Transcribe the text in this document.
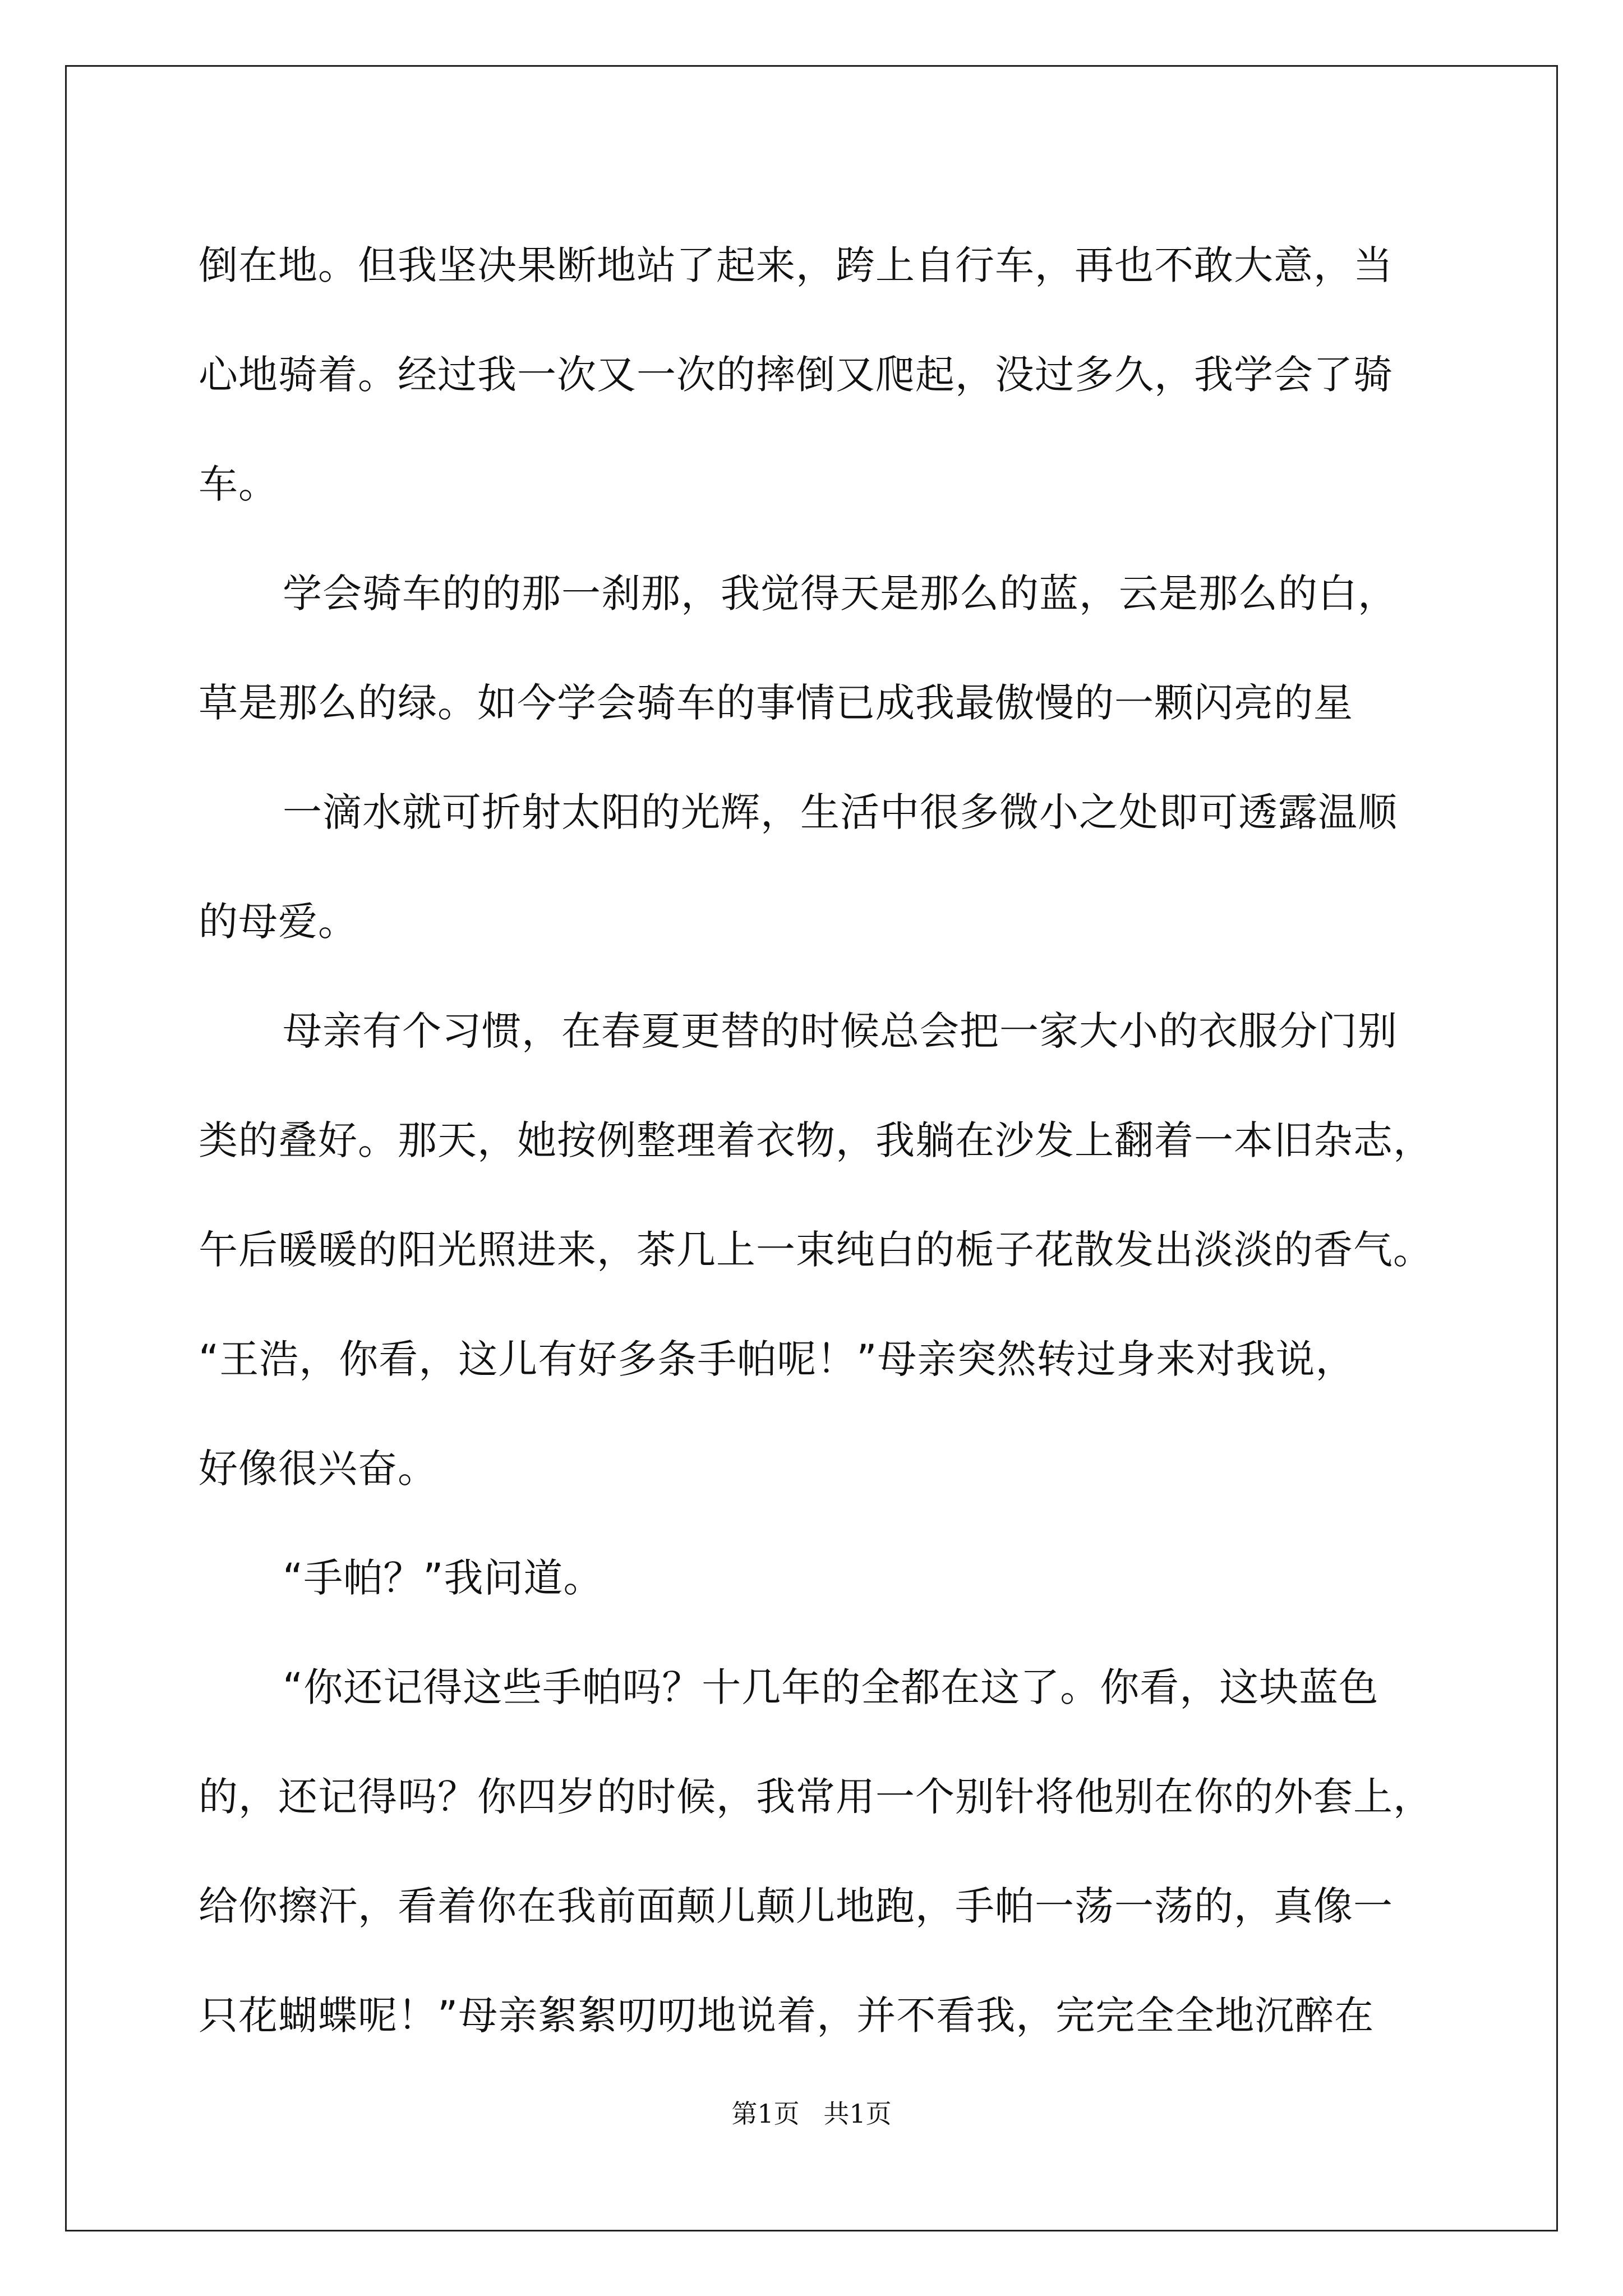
倒在地。但我坚决果断地站了起来，跨上自行车，再也不敢大意，当
心地骑着。经过我一次又一次的摔倒又爬起，没过多久，我学会了骑
车。
学会骑车的的那一刹那，我觉得天是那么的蓝，云是那么的白，
草是那么的绿。如今学会骑车的事情已成我最傲慢的一颗闪亮的星
一滴水就可折射太阳的光辉，生活中很多微小之处即可透露温顺
的母爱。
母亲有个习惯，在春夏更替的时候总会把一家大小的衣服分门别
类的叠好。那天，她按例整理着衣物，我躺在沙发上翻着一本旧杂志，
午后暖暖的阳光照进来，茶几上一束纯白的栀子花散发出淡淡的香气。
“王浩，你看，这儿有好多条手帕呢！”母亲突然转过身来对我说，
好像很兴奋。
“手帕？”我问道。
“你还记得这些手帕吗？十几年的全都在这了。你看，这块蓝色
的，还记得吗？你四岁的时候，我常用一个别针将他别在你的外套上，
给你擦汗，看着你在我前面颠儿颠儿地跑，手帕一荡一荡的，真像一
只花蝴蝶呢！”母亲絮絮叨叨地说着，并不看我，完完全全地沉醉在
第1页 共1页
